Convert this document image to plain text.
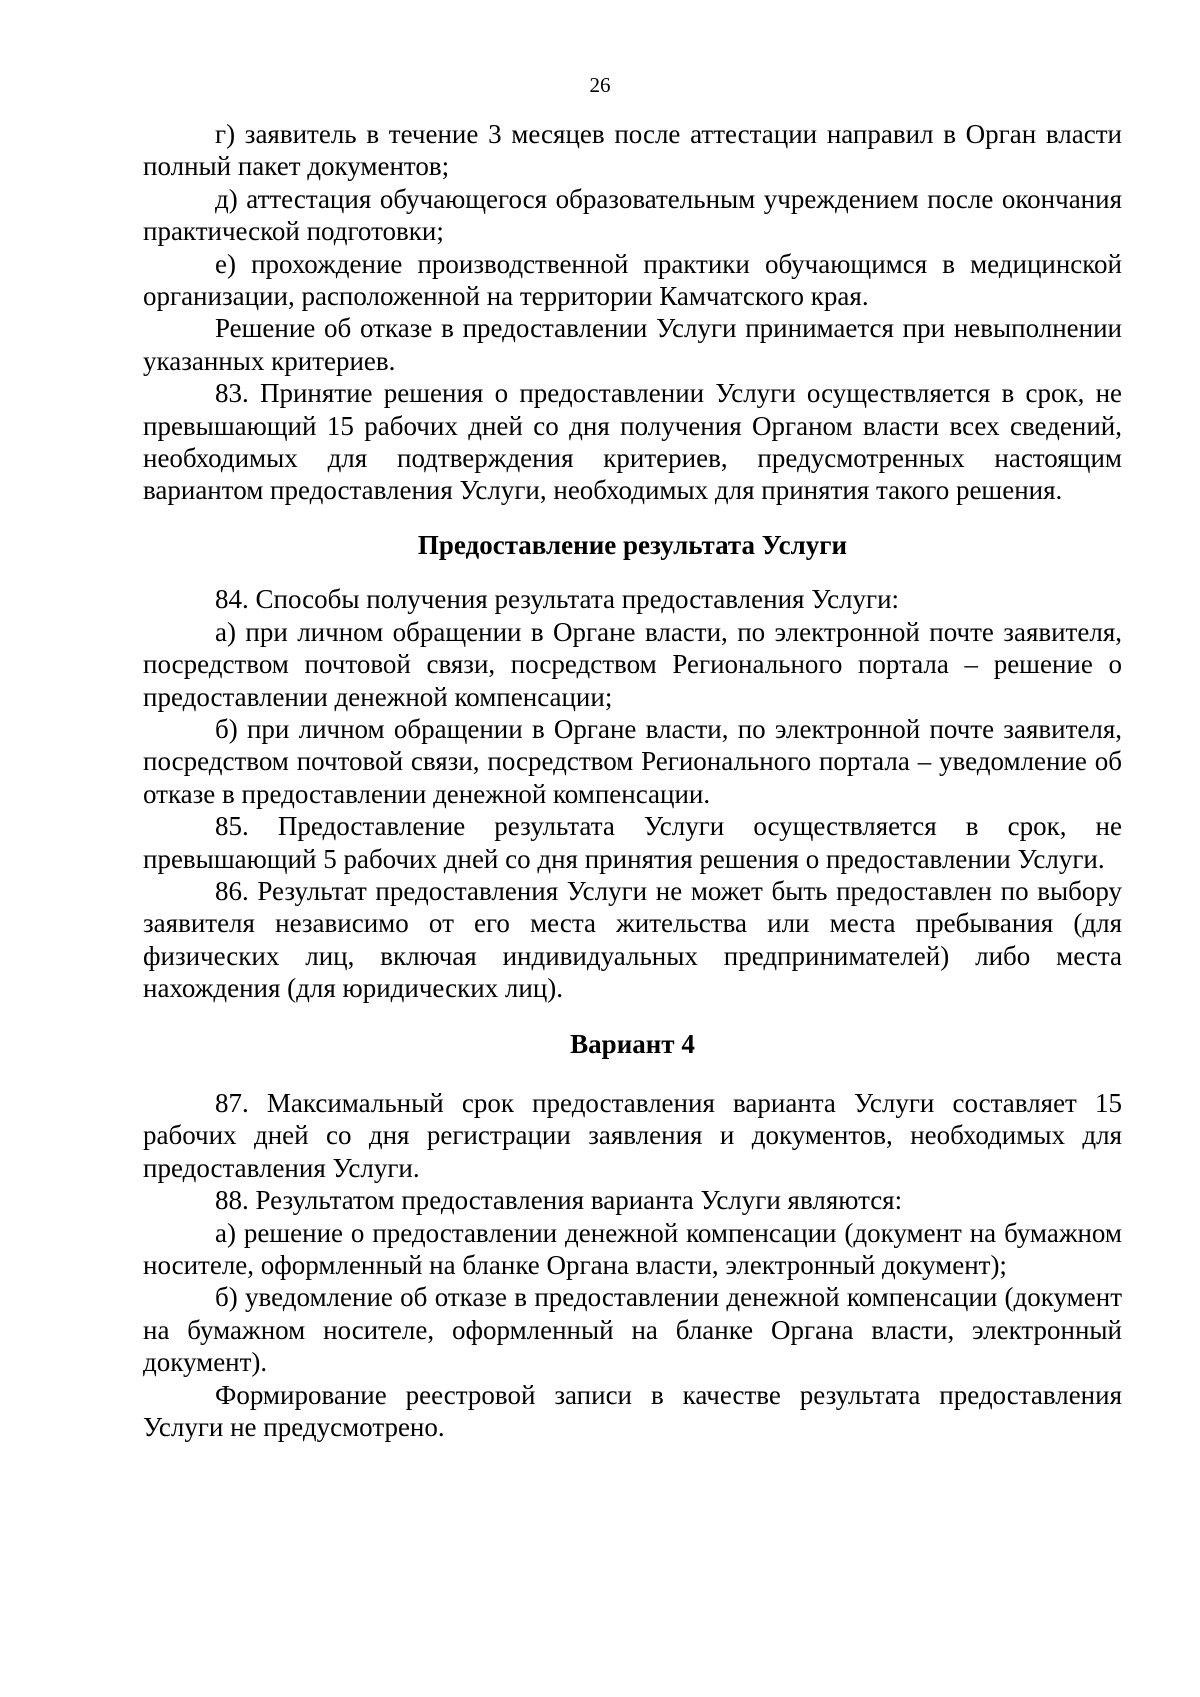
26

г) заявитель в течение 3 месяцев после аттестации направил в Орган власти полный пакет документов;

д) аттестация обучающегося образовательным учреждением после окончания практической подготовки;

е) прохождение производственной практики обучающимся в медицинской организации, расположенной на территории Камчатского края.

Решение об отказе в предоставлении Услуги принимается при невыполнении указанных критериев.

83. Принятие решения о предоставлении Услуги осуществляется в срок, не превышающий 15 рабочих дней со дня получения Органом власти всех сведений, необходимых для подтверждения критериев, предусмотренных настоящим вариантом предоставления Услуги, необходимых для принятия такого решения.

Предоставление результата Услуги

84. Способы получения результата предоставления Услуги:

а) при личном обращении в Органе власти, по электронной почте заявителя, посредством почтовой связи, посредством Регионального портала – решение о предоставлении денежной компенсации;

б) при личном обращении в Органе власти, по электронной почте заявителя, посредством почтовой связи, посредством Регионального портала – уведомление об отказе в предоставлении денежной компенсации.

85. Предоставление результата Услуги осуществляется в срок, не превышающий 5 рабочих дней со дня принятия решения о предоставлении Услуги.

86. Результат предоставления Услуги не может быть предоставлен по выбору заявителя независимо от его места жительства или места пребывания (для физических лиц, включая индивидуальных предпринимателей) либо места нахождения (для юридических лиц).

Вариант 4

87. Максимальный срок предоставления варианта Услуги составляет 15 рабочих дней со дня регистрации заявления и документов, необходимых для предоставления Услуги.

88. Результатом предоставления варианта Услуги являются:

а) решение о предоставлении денежной компенсации (документ на бумажном носителе, оформленный на бланке Органа власти, электронный документ);

б) уведомление об отказе в предоставлении денежной компенсации (документ на бумажном носителе, оформленный на бланке Органа власти, электронный документ).

Формирование реестровой записи в качестве результата предоставления Услуги не предусмотрено.
